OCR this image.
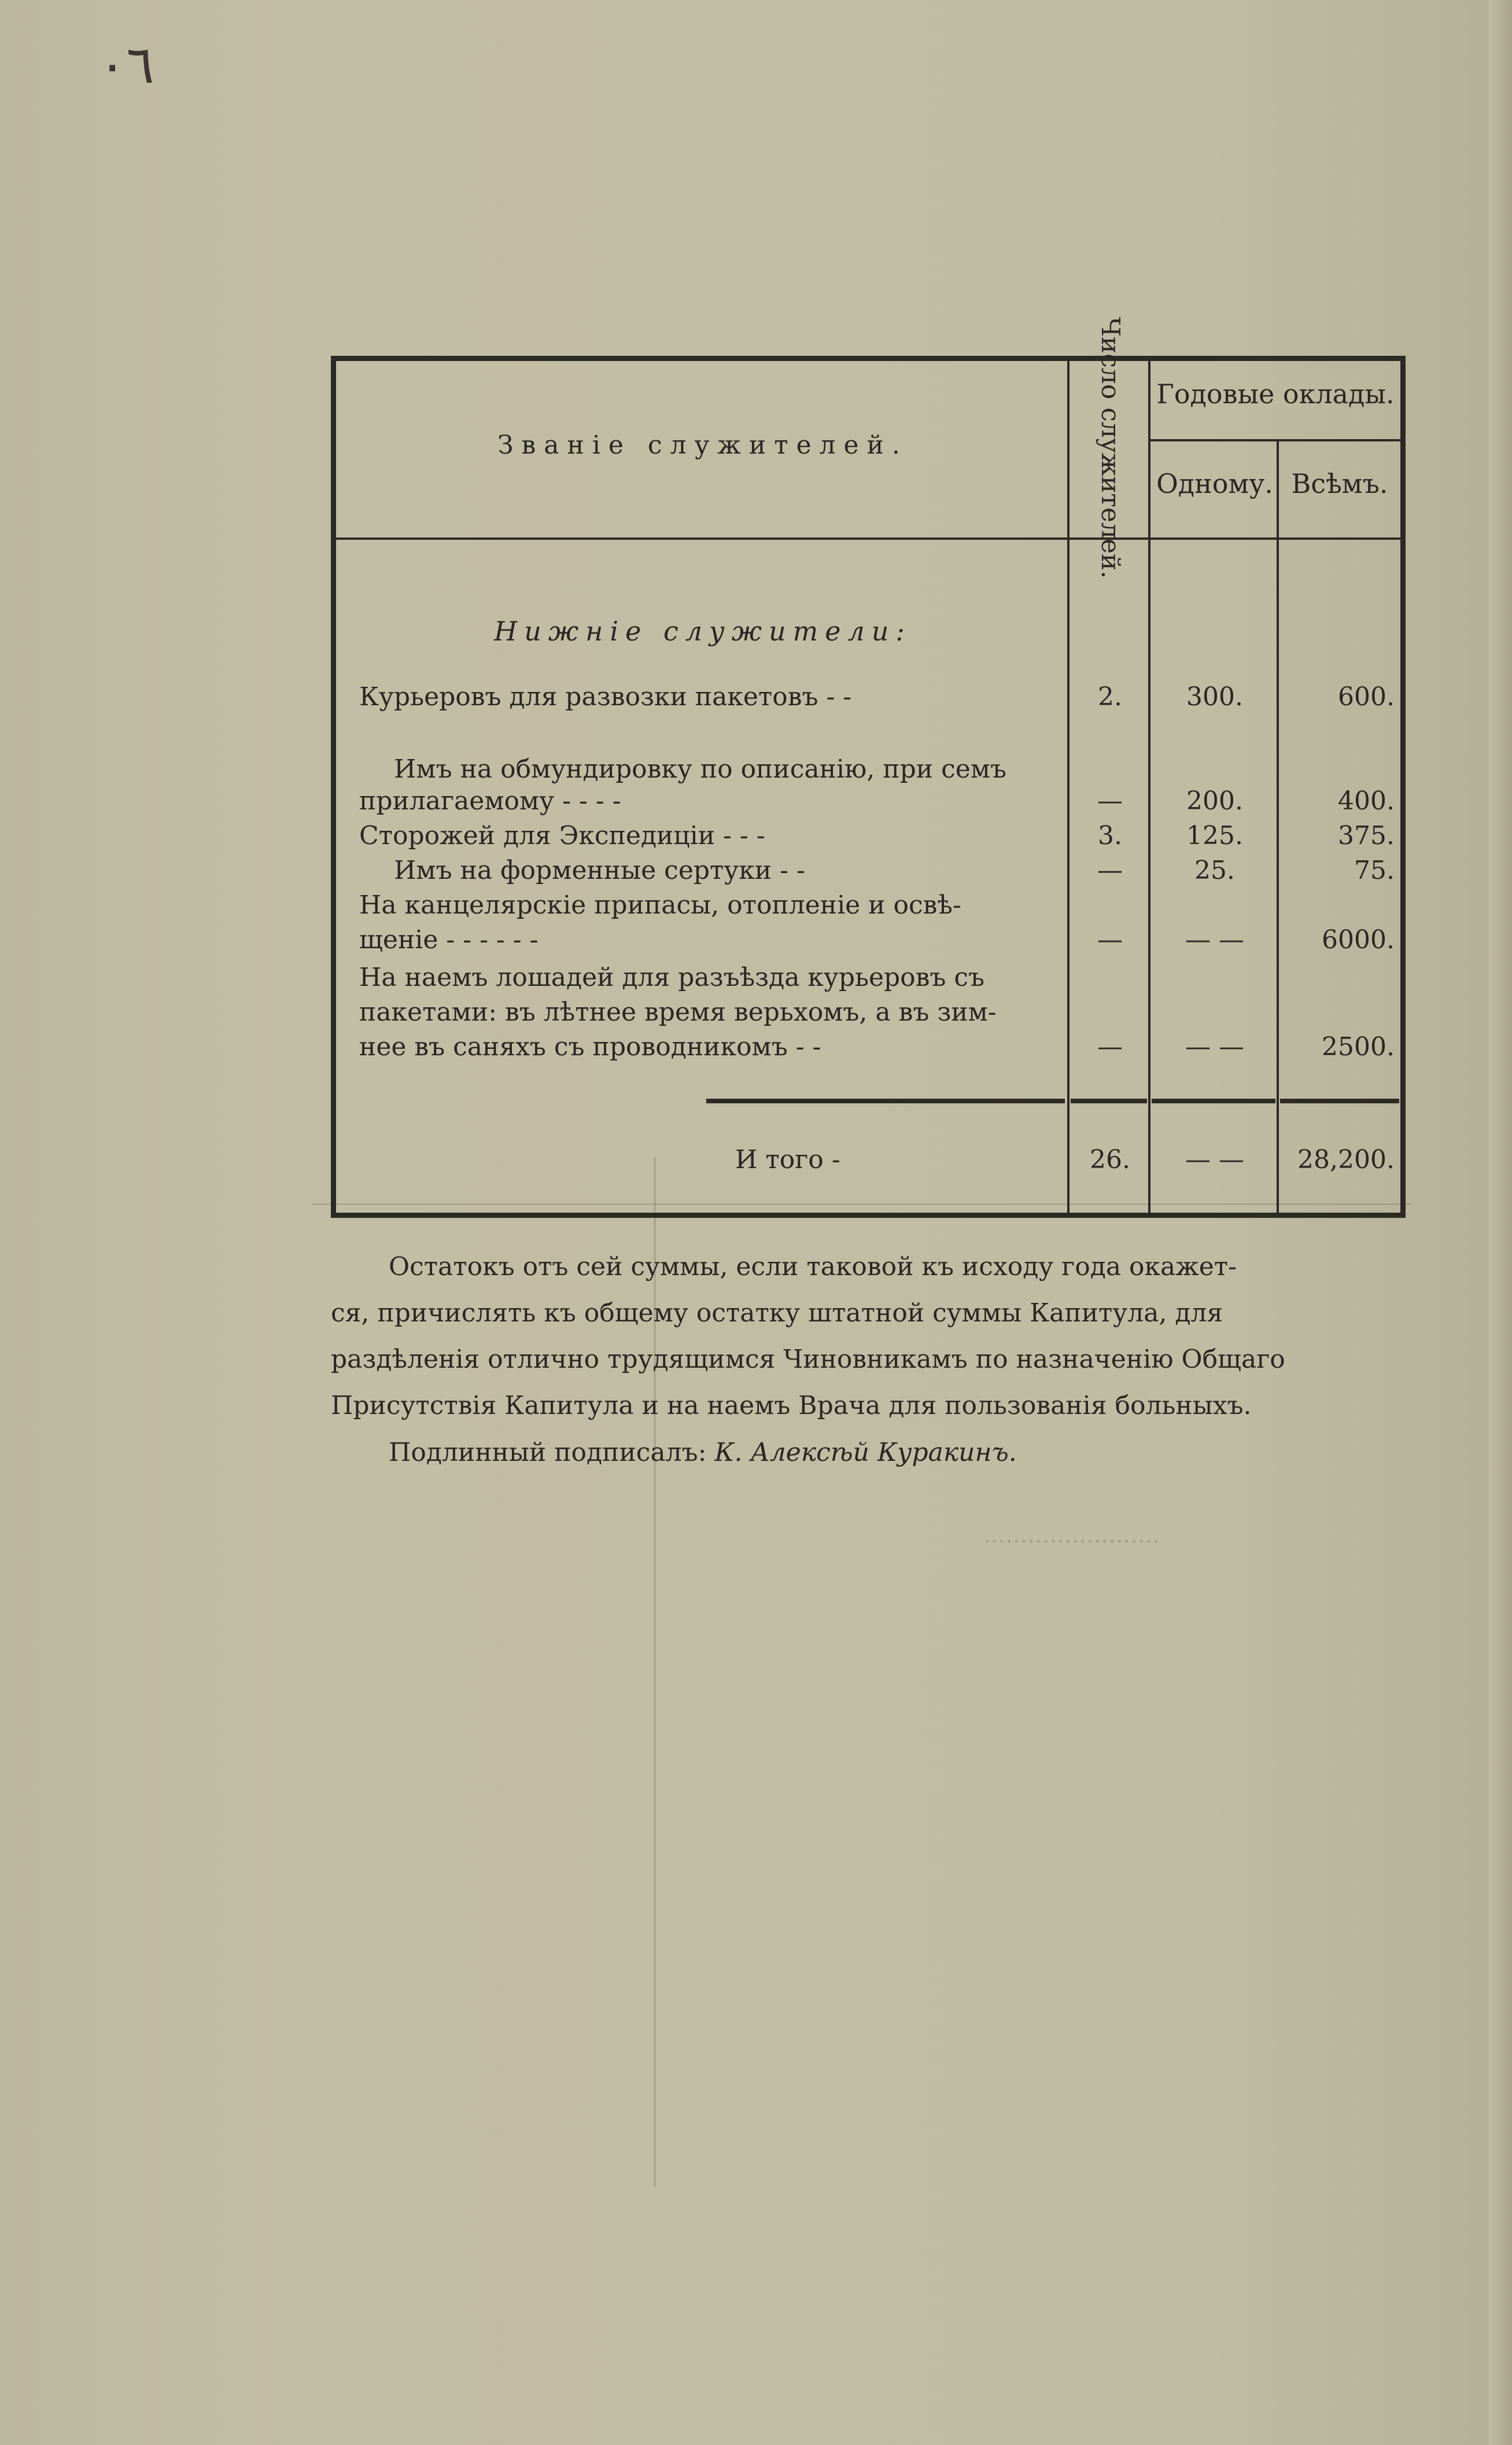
٠٦
........................
Званіе служителей.	Число служителей. Годовые оклады.
Одному. Всѣмъ.
Нижніе служители:
Курьеровъ для развозки пакетовъ - -	2.	300.	600.
Имъ на обмундировку по описанію, при семъ
прилагаемому - - - -	—	200.	400.
Сторожей для Экспедиціи - - -	3.	125.	375.
Имъ на форменные сертуки - -	—	25.	75.
На канцелярскіе припасы, отопленіе и освѣ-
щеніе - - - - - -	—	— —	6000.
На наемъ лошадей для разъѣзда курьеровъ съ
пакетами: въ лѣтнее время верьхомъ, а въ зим-
нее въ саняхъ съ проводникомъ - -	—	— —	2500.
И того -	26.	— —	28,200.
Остатокъ отъ сей суммы, если таковой къ исходу года окажет-
ся, причислять къ общему остатку штатной суммы Капитула, для
раздѣленія отлично трудящимся Чиновникамъ по назначенію Общаго
Присутствія Капитула и на наемъ Врача для пользованія больныхъ.
Подлинный подписалъ: К. Алексѣй Куракинъ.
